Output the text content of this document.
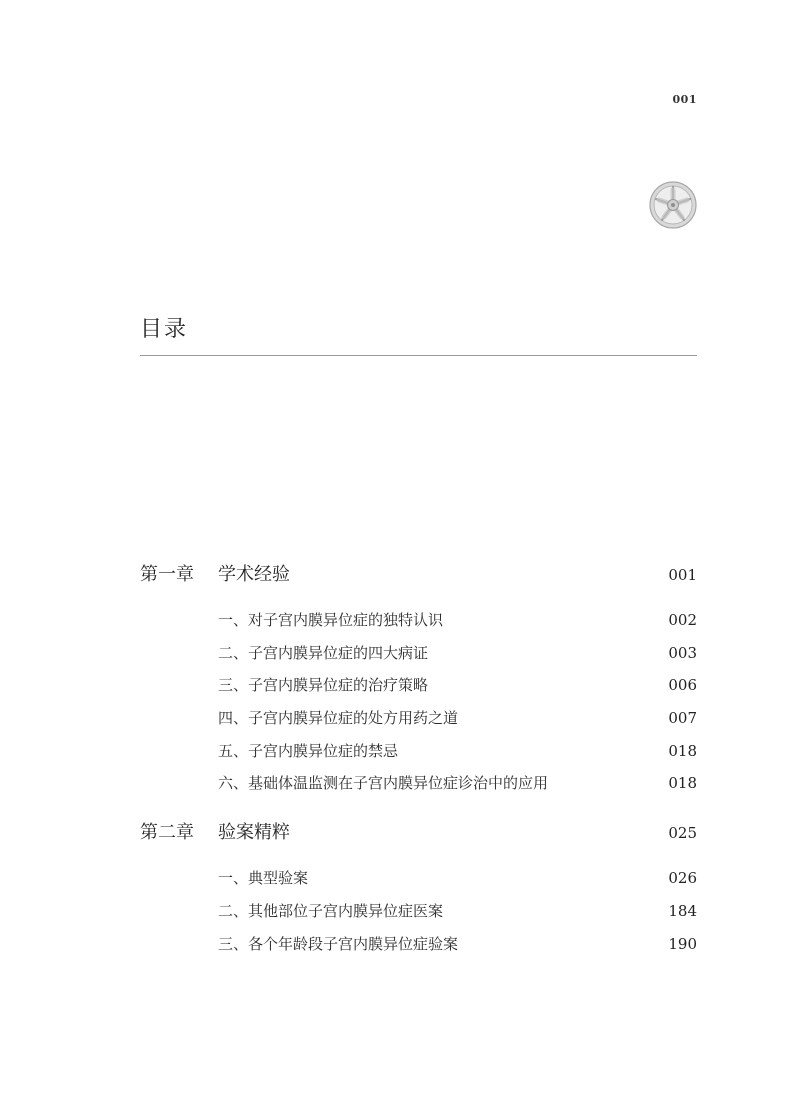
001
目录
第一章	学术经验	001
一、对子宫内膜异位症的独特认识	002
二、子宫内膜异位症的四大病证	003
三、子宫内膜异位症的治疗策略	006
四、子宫内膜异位症的处方用药之道	007
五、子宫内膜异位症的禁忌	018
六、基础体温监测在子宫内膜异位症诊治中的应用	018
第二章	验案精粹	025
一、典型验案	026
二、其他部位子宫内膜异位症医案	184
三、各个年龄段子宫内膜异位症验案	190
